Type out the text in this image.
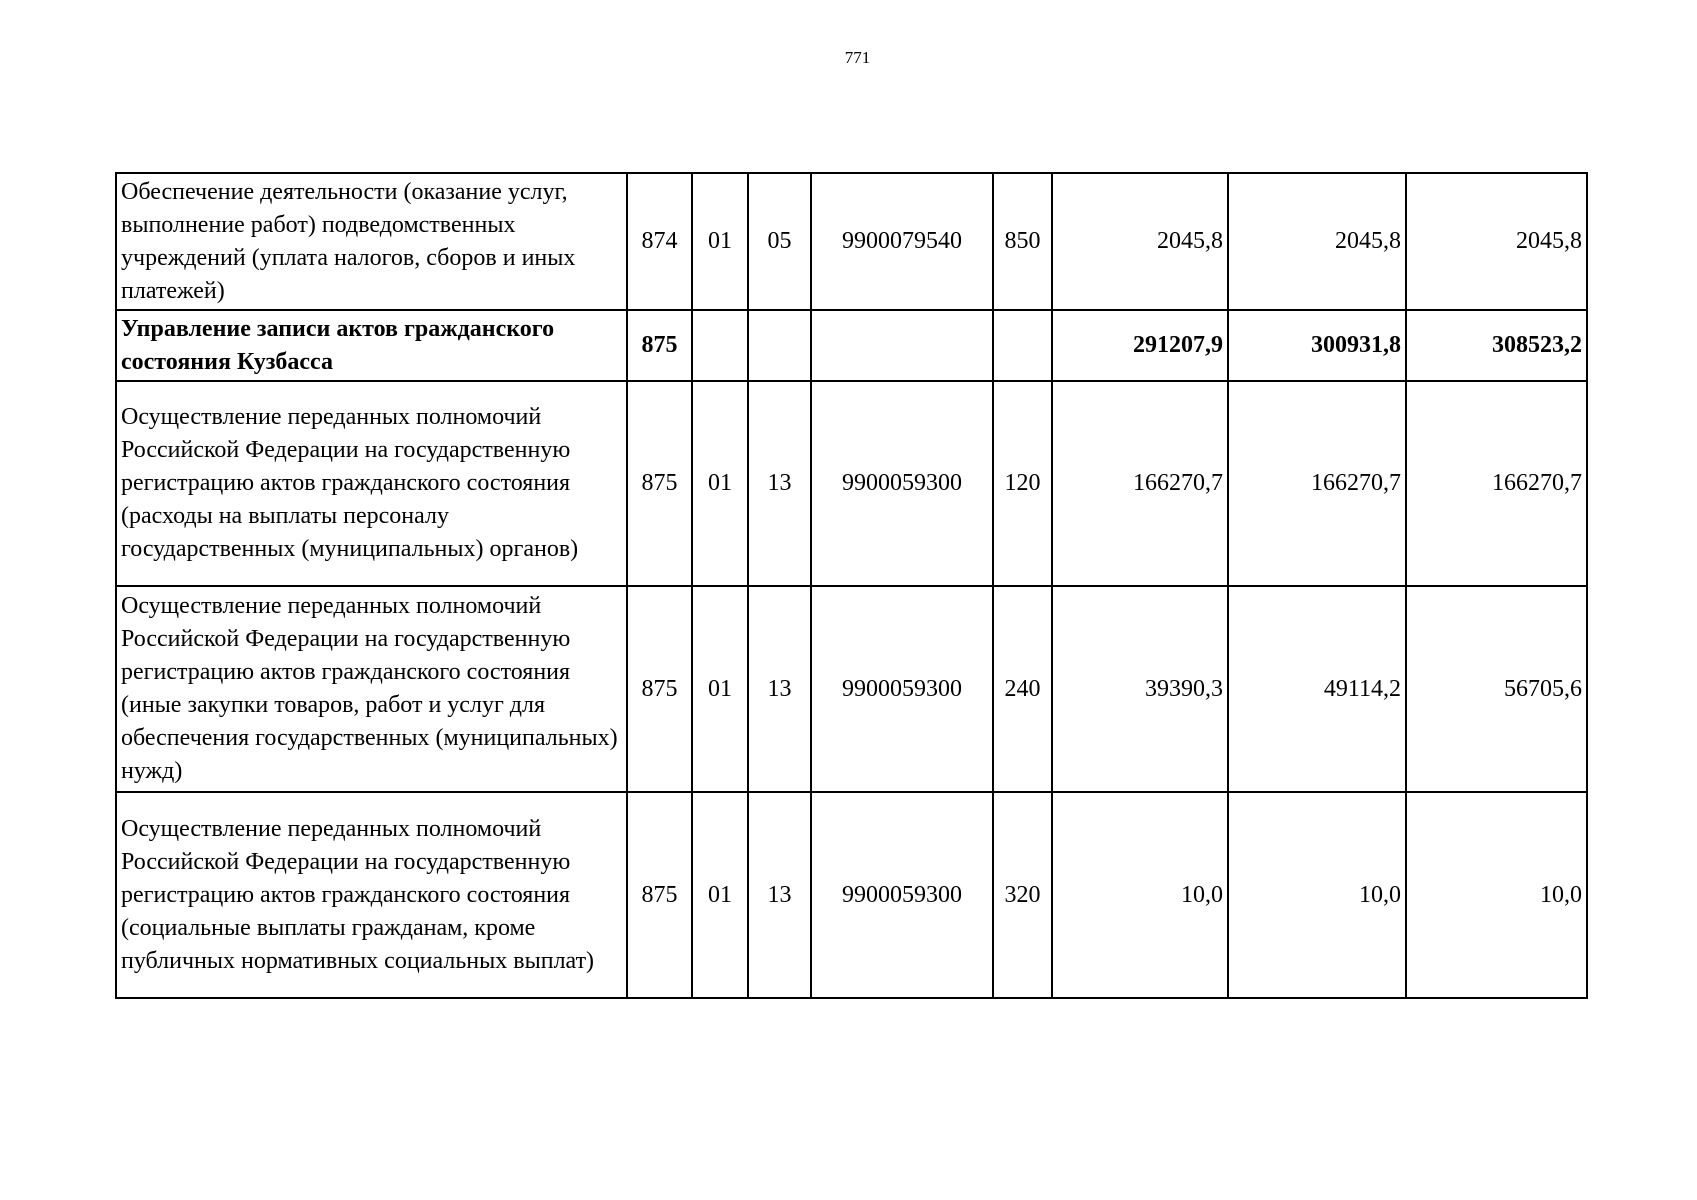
771
Обеспечение деятельности (оказание услуг, выполнение работ) подведомственных учреждений (уплата налогов, сборов и иных платежей)	874	01	05	9900079540	850	2045,8	2045,8	2045,8
Управление записи актов гражданского состояния Кузбасса	875					291207,9	300931,8	308523,2
Осуществление переданных полномочий Российской Федерации на государственную регистрацию актов гражданского состояния (расходы на выплаты персоналу государственных (муниципальных) органов)	875	01	13	9900059300	120	166270,7	166270,7	166270,7
Осуществление переданных полномочий Российской Федерации на государственную регистрацию актов гражданского состояния (иные закупки товаров, работ и услуг для обеспечения государственных (муниципальных) нужд)	875	01	13	9900059300	240	39390,3	49114,2	56705,6
Осуществление переданных полномочий Российской Федерации на государственную регистрацию актов гражданского состояния (социальные выплаты гражданам, кроме публичных нормативных социальных выплат)	875	01	13	9900059300	320	10,0	10,0	10,0
